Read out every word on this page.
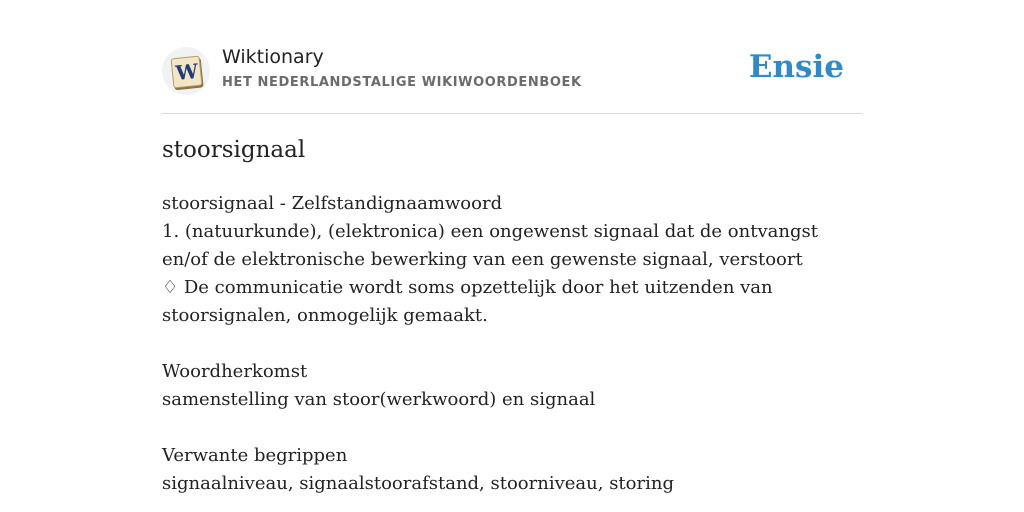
W
Wiktionary
HET NEDERLANDSTALIGE WIKIWOORDENBOEK	Ensie
stoorsignaal

stoorsignaal - Zelfstandignaamwoord

1. (natuurkunde), (elektronica) een ongewenst signaal dat de ontvangst en/of de elektronische bewerking van een gewenste signaal, verstoort

♢ De communicatie wordt soms opzettelijk door het uitzenden van stoorsignalen, onmogelijk gemaakt.

Woordherkomst

samenstelling van stoor(werkwoord) en signaal

Verwante begrippen

signaalniveau, signaalstoorafstand, stoorniveau, storing
